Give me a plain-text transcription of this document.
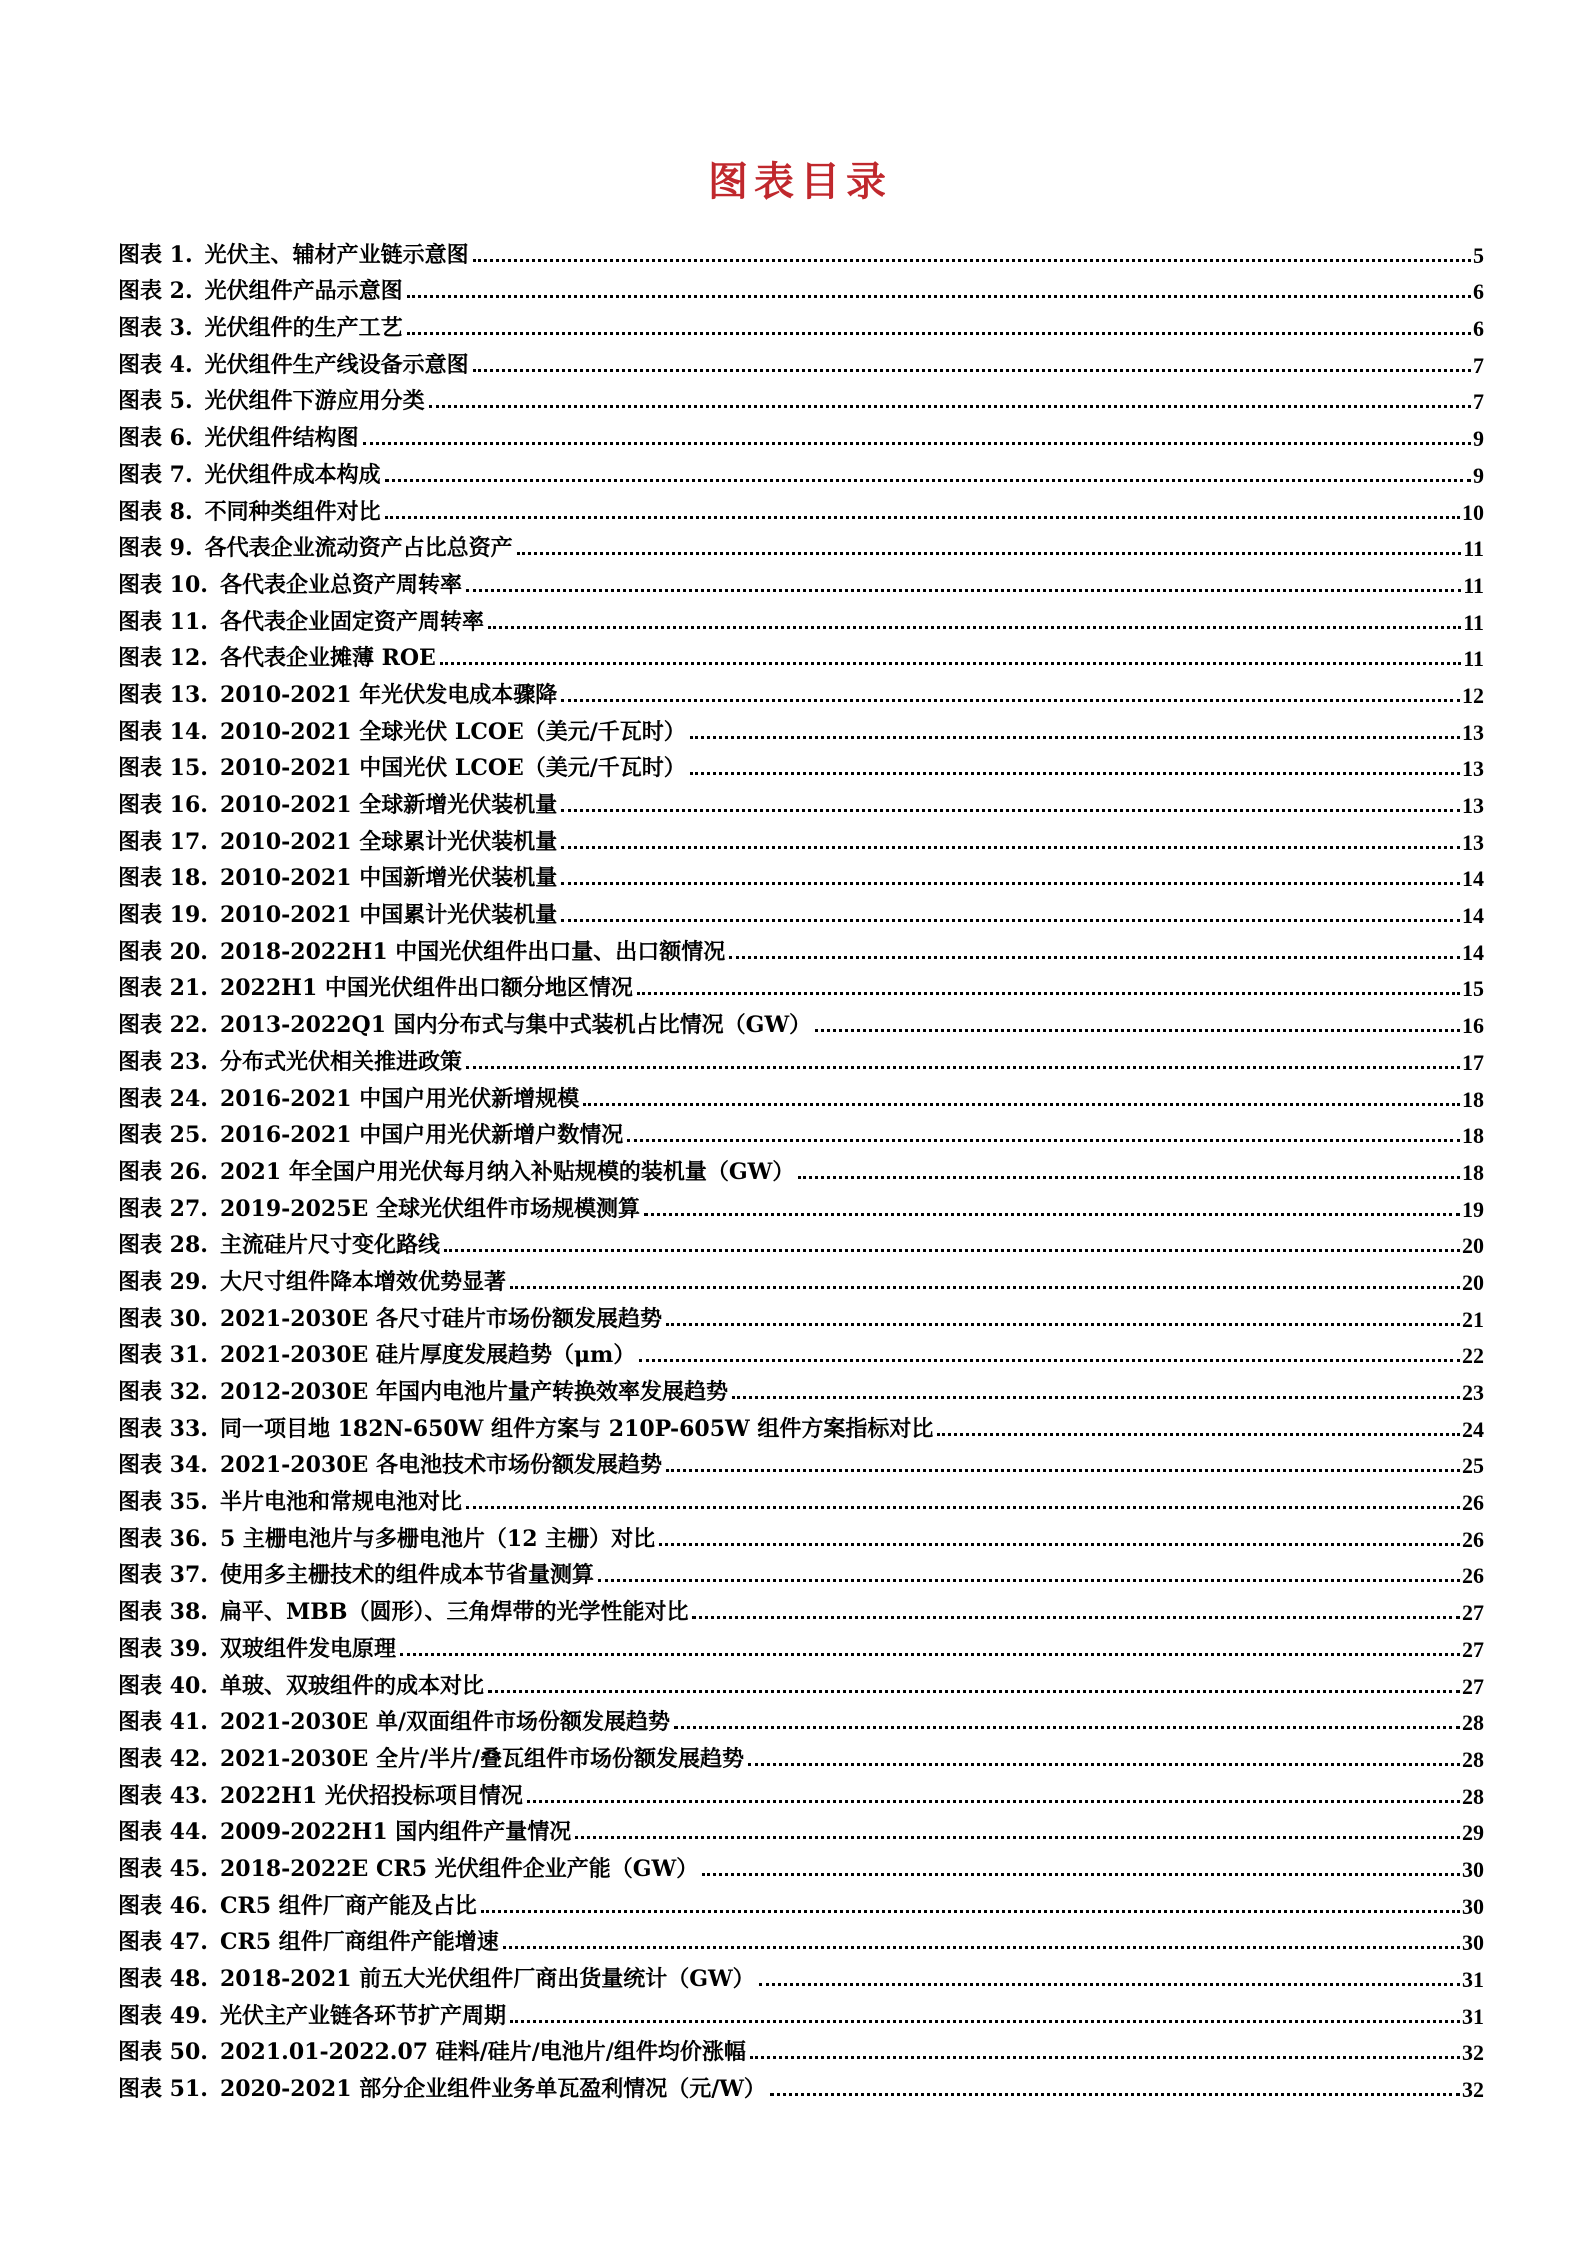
图表目录
图表 1. 光伏主、辅材产业链示意图	5
图表 2. 光伏组件产品示意图	6
图表 3. 光伏组件的生产工艺	6
图表 4. 光伏组件生产线设备示意图	7
图表 5. 光伏组件下游应用分类	7
图表 6. 光伏组件结构图	9
图表 7. 光伏组件成本构成	9
图表 8. 不同种类组件对比	10
图表 9. 各代表企业流动资产占比总资产	11
图表 10. 各代表企业总资产周转率	11
图表 11. 各代表企业固定资产周转率	11
图表 12. 各代表企业摊薄 ROE	11
图表 13. 2010-2021 年光伏发电成本骤降	12
图表 14. 2010-2021 全球光伏 LCOE（美元/千瓦时）	13
图表 15. 2010-2021 中国光伏 LCOE（美元/千瓦时）	13
图表 16. 2010-2021 全球新增光伏装机量	13
图表 17. 2010-2021 全球累计光伏装机量	13
图表 18. 2010-2021 中国新增光伏装机量	14
图表 19. 2010-2021 中国累计光伏装机量	14
图表 20. 2018-2022H1 中国光伏组件出口量、出口额情况	14
图表 21. 2022H1 中国光伏组件出口额分地区情况	15
图表 22. 2013-2022Q1 国内分布式与集中式装机占比情况（GW）	16
图表 23. 分布式光伏相关推进政策	17
图表 24. 2016-2021 中国户用光伏新增规模	18
图表 25. 2016-2021 中国户用光伏新增户数情况	18
图表 26. 2021 年全国户用光伏每月纳入补贴规模的装机量（GW）	18
图表 27. 2019-2025E 全球光伏组件市场规模测算	19
图表 28. 主流硅片尺寸变化路线	20
图表 29. 大尺寸组件降本增效优势显著	20
图表 30. 2021-2030E 各尺寸硅片市场份额发展趋势	21
图表 31. 2021-2030E 硅片厚度发展趋势（μm）	22
图表 32. 2012-2030E 年国内电池片量产转换效率发展趋势	23
图表 33. 同一项目地 182N-650W 组件方案与 210P-605W 组件方案指标对比	24
图表 34. 2021-2030E 各电池技术市场份额发展趋势	25
图表 35. 半片电池和常规电池对比	26
图表 36. 5 主栅电池片与多栅电池片（12 主栅）对比	26
图表 37. 使用多主栅技术的组件成本节省量测算	26
图表 38. 扁平、MBB（圆形）、三角焊带的光学性能对比	27
图表 39. 双玻组件发电原理	27
图表 40. 单玻、双玻组件的成本对比	27
图表 41. 2021-2030E 单/双面组件市场份额发展趋势	28
图表 42. 2021-2030E 全片/半片/叠瓦组件市场份额发展趋势	28
图表 43. 2022H1 光伏招投标项目情况	28
图表 44. 2009-2022H1 国内组件产量情况	29
图表 45. 2018-2022E CR5 光伏组件企业产能（GW）	30
图表 46. CR5 组件厂商产能及占比	30
图表 47. CR5 组件厂商组件产能增速	30
图表 48. 2018-2021 前五大光伏组件厂商出货量统计（GW）	31
图表 49. 光伏主产业链各环节扩产周期	31
图表 50. 2021.01-2022.07 硅料/硅片/电池片/组件均价涨幅	32
图表 51. 2020-2021 部分企业组件业务单瓦盈利情况（元/W）	32
